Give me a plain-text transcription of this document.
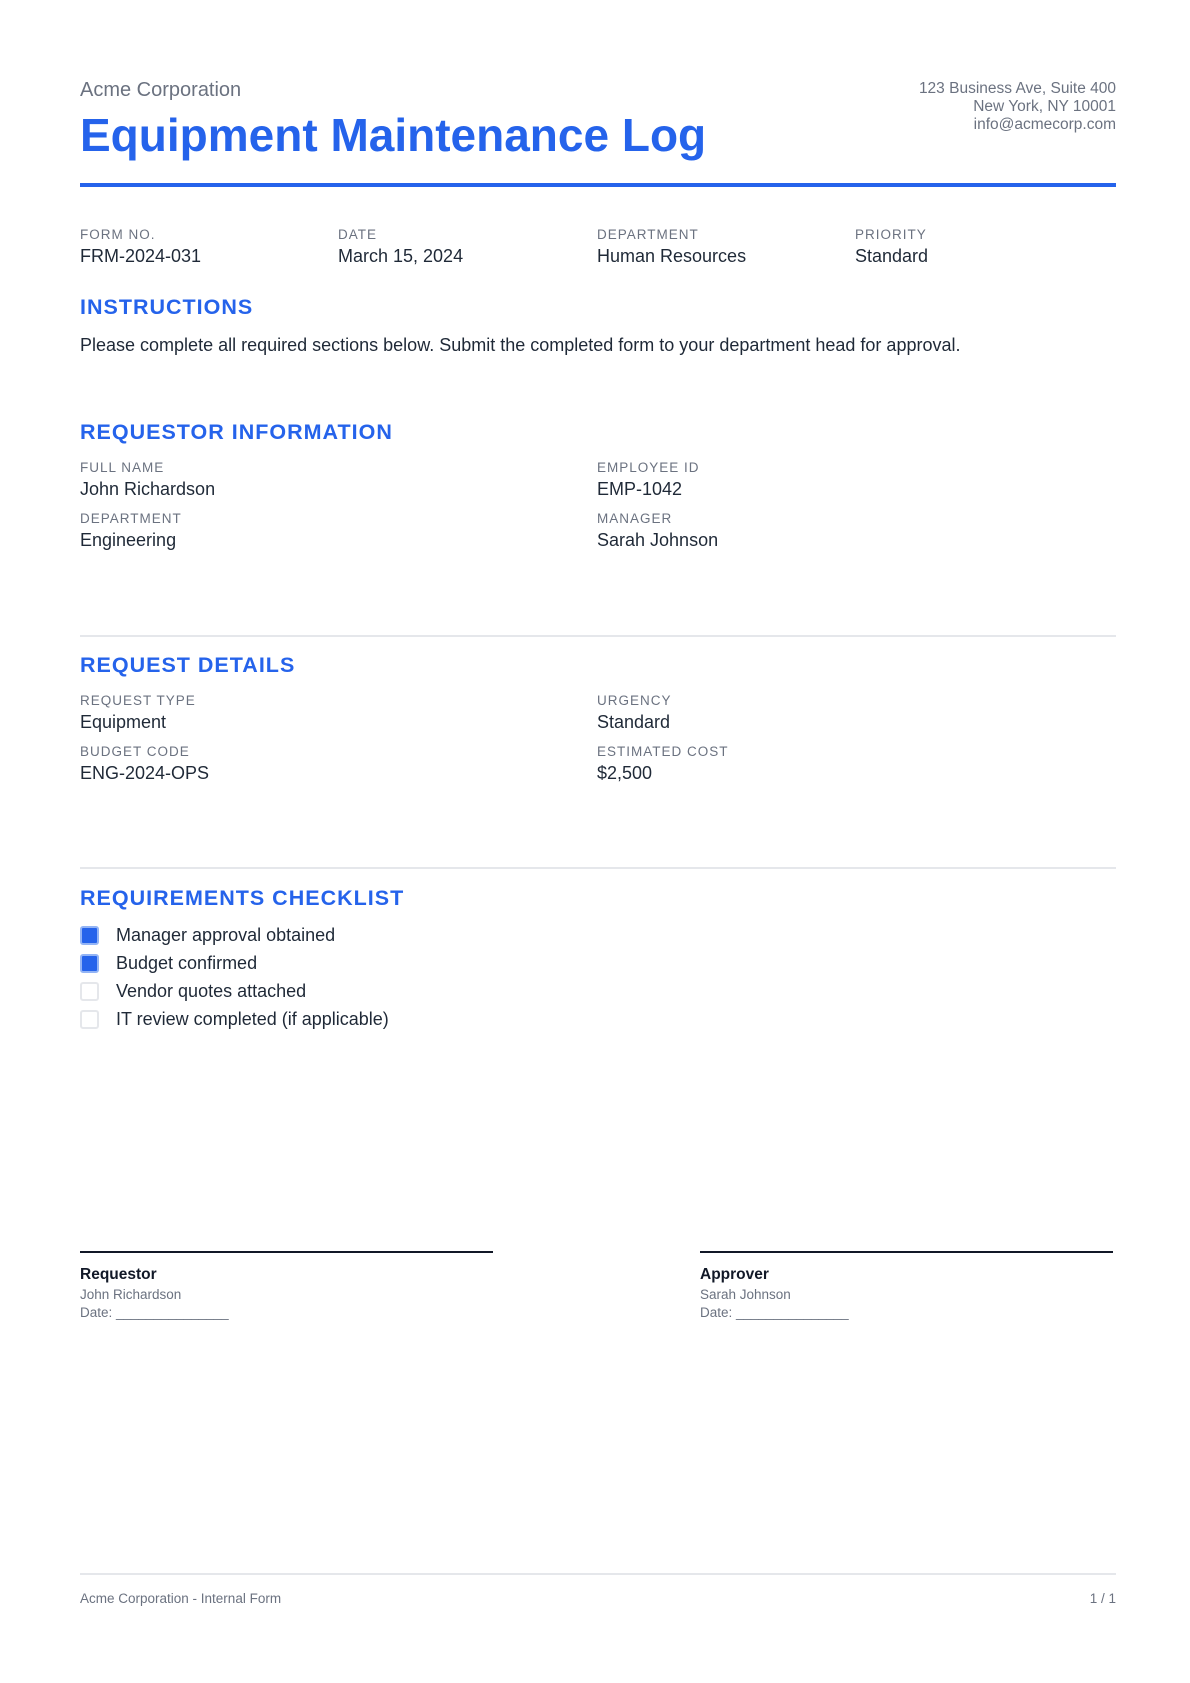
Acme Corporation
Equipment Maintenance Log
123 Business Ave, Suite 400
New York, NY 10001
info@acmecorp.com
FORM NO.
FRM-2024-031
DATE
March 15, 2024
DEPARTMENT
Human Resources
PRIORITY
Standard
INSTRUCTIONS
Please complete all required sections below. Submit the completed form to your department head for approval.
REQUESTOR INFORMATION
FULL NAME
John Richardson
EMPLOYEE ID
EMP-1042
DEPARTMENT
Engineering
MANAGER
Sarah Johnson
REQUEST DETAILS
REQUEST TYPE
Equipment
URGENCY
Standard
BUDGET CODE
ENG-2024-OPS
ESTIMATED COST
$2,500
REQUIREMENTS CHECKLIST
Manager approval obtained
Budget confirmed
Vendor quotes attached
IT review completed (if applicable)
Requestor
John Richardson
Date: _______________
Approver
Sarah Johnson
Date: _______________
Acme Corporation - Internal Form	1 / 1
